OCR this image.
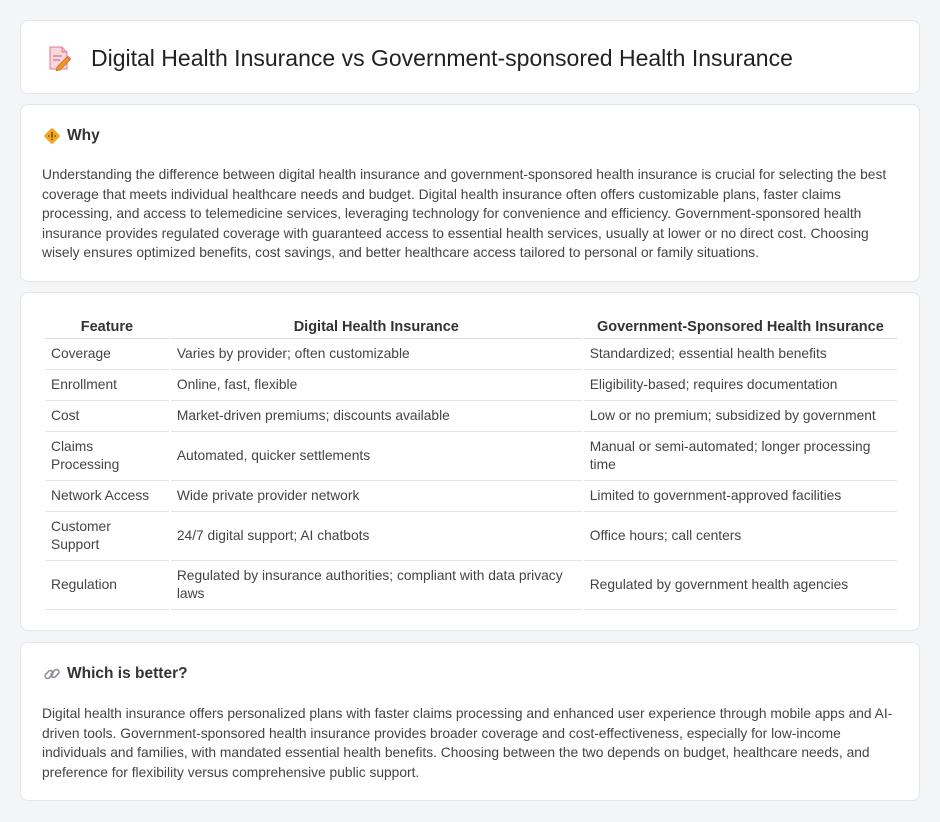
Digital Health Insurance vs Government-sponsored Health Insurance
Why

Understanding the difference between digital health insurance and government-sponsored health insurance is crucial for selecting the best coverage that meets individual healthcare needs and budget. Digital health insurance often offers customizable plans, faster claims processing, and access to telemedicine services, leveraging technology for convenience and efficiency. Government-sponsored health insurance provides regulated coverage with guaranteed access to essential health services, usually at lower or no direct cost. Choosing wisely ensures optimized benefits, cost savings, and better healthcare access tailored to personal or family situations.

Feature	Digital Health Insurance	Government-Sponsored Health Insurance
Coverage	Varies by provider; often customizable	Standardized; essential health benefits
Enrollment	Online, fast, flexible	Eligibility-based; requires documentation
Cost	Market-driven premiums; discounts available	Low or no premium; subsidized by government
Claims Processing	Automated, quicker settlements	Manual or semi-automated; longer processing time
Network Access	Wide private provider network	Limited to government-approved facilities
Customer Support	24/7 digital support; AI chatbots	Office hours; call centers
Regulation	Regulated by insurance authorities; compliant with data privacy laws	Regulated by government health agencies
Which is better?

Digital health insurance offers personalized plans with faster claims processing and enhanced user experience through mobile apps and AI-driven tools. Government-sponsored health insurance provides broader coverage and cost-effectiveness, especially for low-income individuals and families, with mandated essential health benefits. Choosing between the two depends on budget, healthcare needs, and preference for flexibility versus comprehensive public support.
